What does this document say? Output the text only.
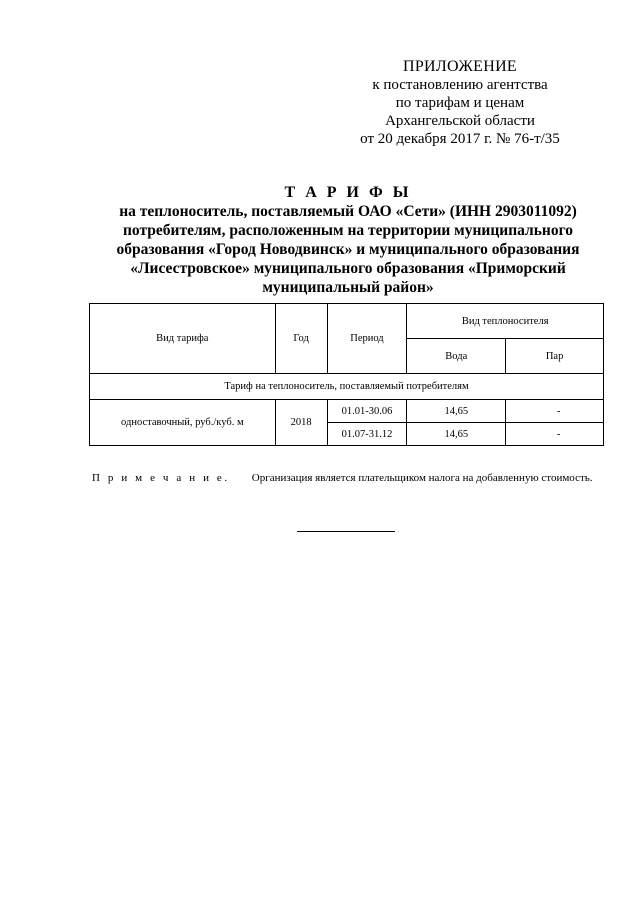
ПРИЛОЖЕНИЕ
к постановлению агентства
по тарифам и ценам
Архангельской области
от 20 декабря 2017 г. № 76-т/35
Т А Р И Ф Ы
на теплоноситель, поставляемый ОАО «Сети» (ИНН 2903011092)
потребителям, расположенным на территории муниципального
образования «Город Новодвинск» и муниципального образования
«Лисестровское» муниципального образования «Приморский
муниципальный район»
Вид тарифа	Год	Период	Вид теплоносителя	
			Вода	Пар
Тариф на теплоноситель, поставляемый потребителям				
одноставочный, руб./куб. м	2018	01.01-30.06	14,65	-
		01.07-31.12	14,65	-
П р и м е ч а н и е. Организация является плательщиком налога на добавленную стоимость.
